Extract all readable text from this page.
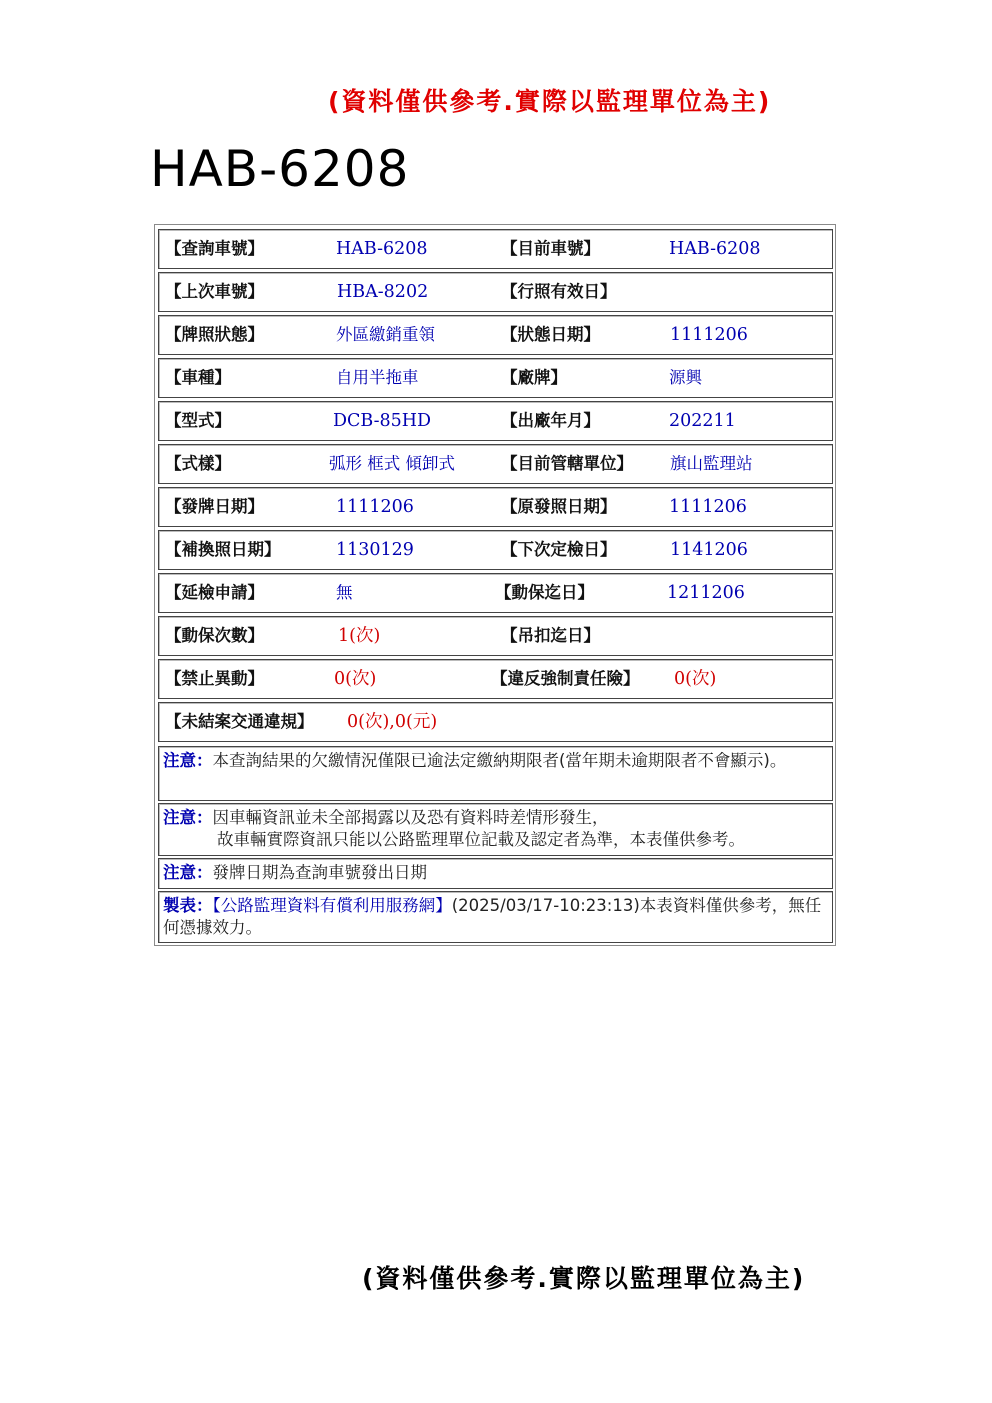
(資料僅供參考.實際以監理單位為主)
HAB-6208
【查詢車號】	HAB-6208	【目前車號】	HAB-6208
【上次車號】	HBA-8202	【行照有效日】
【牌照狀態】	外區繳銷重領	【狀態日期】	1111206
【車種】	自用半拖車	【廠牌】	源興
【型式】	DCB-85HD	【出廠年月】	202211
【式樣】	弧形 框式 傾卸式	【目前管轄單位】 旗山監理站
【發牌日期】	1111206	【原發照日期】	1111206
【補換照日期】	1130129	【下次定檢日】	1141206
【延檢申請】	無	【動保迄日】	1211206
【動保次數】	1(次)	【吊扣迄日】
【禁止異動】	0(次)	【違反強制責任險】 0(次)
【未結案交通違規】 0(次),0(元)
注意：本查詢結果的欠繳情況僅限已逾法定繳納期限者(當年期未逾期限者不會顯示)。
注意：因車輛資訊並未全部揭露以及恐有資料時差情形發生，
故車輛實際資訊只能以公路監理單位記載及認定者為準，本表僅供參考。
注意：發牌日期為查詢車號發出日期
製表：【公路監理資料有償利用服務網】(2025/03/17-10:23:13)本表資料僅供參考，無任何憑據效力。
(資料僅供參考.實際以監理單位為主)
